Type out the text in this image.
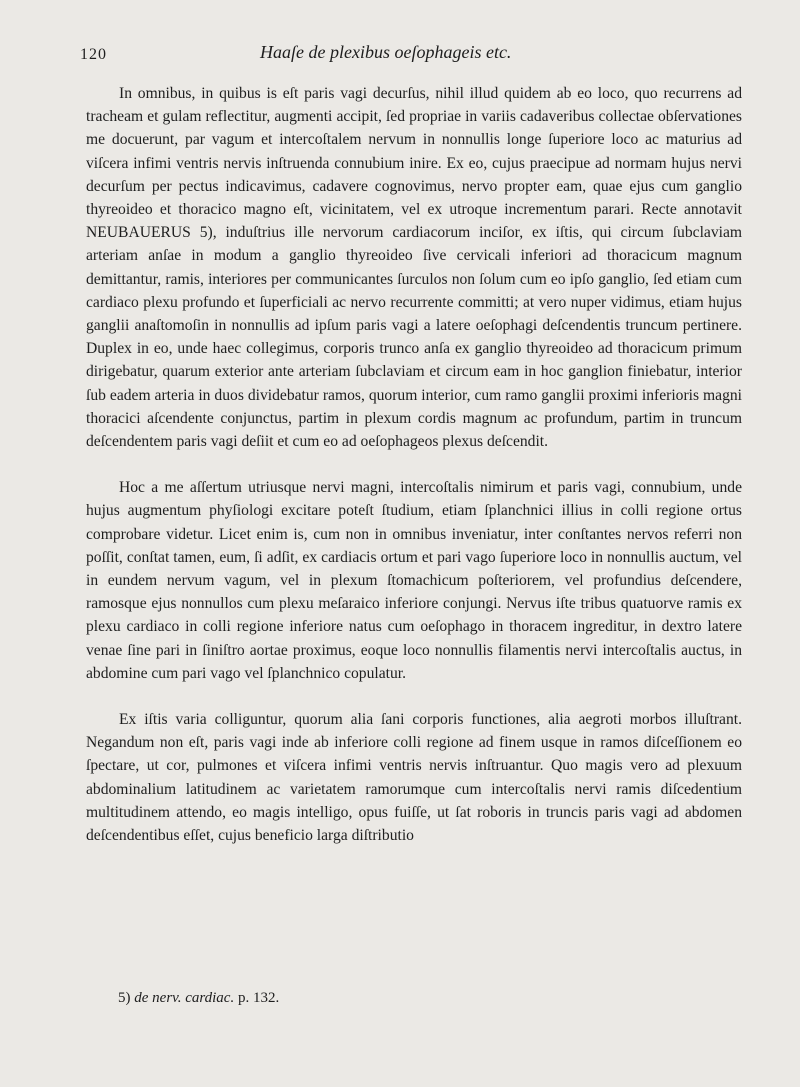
120	Haaſe de plexibus oeſophageis etc.

In omnibus, in quibus is eſt paris vagi decurſus, nihil illud quidem ab eo loco, quo recurrens ad tracheam et gulam reflectitur, augmenti accipit, ſed propriae in variis cadaveribus collectae obſervationes me docuerunt, par vagum et intercoſtalem nervum in nonnullis longe ſuperiore loco ac maturius ad viſcera infimi ventris nervis inſtruenda connubium inire. Ex eo, cujus praecipue ad normam hujus nervi decurſum per pectus indicavimus, cadavere cognovimus, nervo propter eam, quae ejus cum ganglio thyreoideo et thoracico magno eſt, vicinitatem, vel ex utroque incrementum parari. Recte annotavit NEUBAUERUS 5), induſtrius ille nervorum cardiacorum inciſor, ex iſtis, qui circum ſubclaviam arteriam anſae in modum a ganglio thyreoideo ſive cervicali inferiori ad thoracicum magnum demittantur, ramis, interiores per communicantes ſurculos non ſolum cum eo ipſo ganglio, ſed etiam cum cardiaco plexu profundo et ſuperficiali ac nervo recurrente committi; at vero nuper vidimus, etiam hujus ganglii anaſtomoſin in nonnullis ad ipſum paris vagi a latere oeſophagi deſcendentis truncum pertinere. Duplex in eo, unde haec collegimus, corporis trunco anſa ex ganglio thyreoideo ad thoracicum primum dirigebatur, quarum exterior ante arteriam ſubclaviam et circum eam in hoc ganglion finiebatur, interior ſub eadem arteria in duos dividebatur ramos, quorum interior, cum ramo ganglii proximi inferioris magni thoracici aſcendente conjunctus, partim in plexum cordis magnum ac profundum, partim in truncum deſcendentem paris vagi deſiit et cum eo ad oeſophageos plexus deſcendit.

Hoc a me aſſertum utriusque nervi magni, intercoſtalis nimirum et paris vagi, connubium, unde hujus augmentum phyſiologi excitare poteſt ſtudium, etiam ſplanchnici illius in colli regione ortus comprobare videtur. Licet enim is, cum non in omnibus inveniatur, inter conſtantes nervos referri non poſſit, conſtat tamen, eum, ſi adſit, ex cardiacis ortum et pari vago ſuperiore loco in nonnullis auctum, vel in eundem nervum vagum, vel in plexum ſtomachicum poſteriorem, vel profundius deſcendere, ramosque ejus nonnullos cum plexu meſaraico inferiore conjungi. Nervus iſte tribus quatuorve ramis ex plexu cardiaco in colli regione inferiore natus cum oeſophago in thoracem ingreditur, in dextro latere venae ſine pari in ſiniſtro aortae proximus, eoque loco nonnullis filamentis nervi intercoſtalis auctus, in abdomine cum pari vago vel ſplanchnico copulatur.

Ex iſtis varia colliguntur, quorum alia ſani corporis functiones, alia aegroti morbos illuſtrant. Negandum non eſt, paris vagi inde ab inferiore colli regione ad finem usque in ramos diſceſſionem eo ſpectare, ut cor, pulmones et viſcera infimi ventris nervis inſtruantur. Quo magis vero ad plexuum abdominalium latitudinem ac varietatem ramorumque cum intercoſtalis nervi ramis diſcedentium multitudinem attendo, eo magis intelligo, opus fuiſſe, ut ſat roboris in truncis paris vagi ad abdomen deſcendentibus eſſet, cujus beneficio larga diſtributio

5) de nerv. cardiac. p. 132.
